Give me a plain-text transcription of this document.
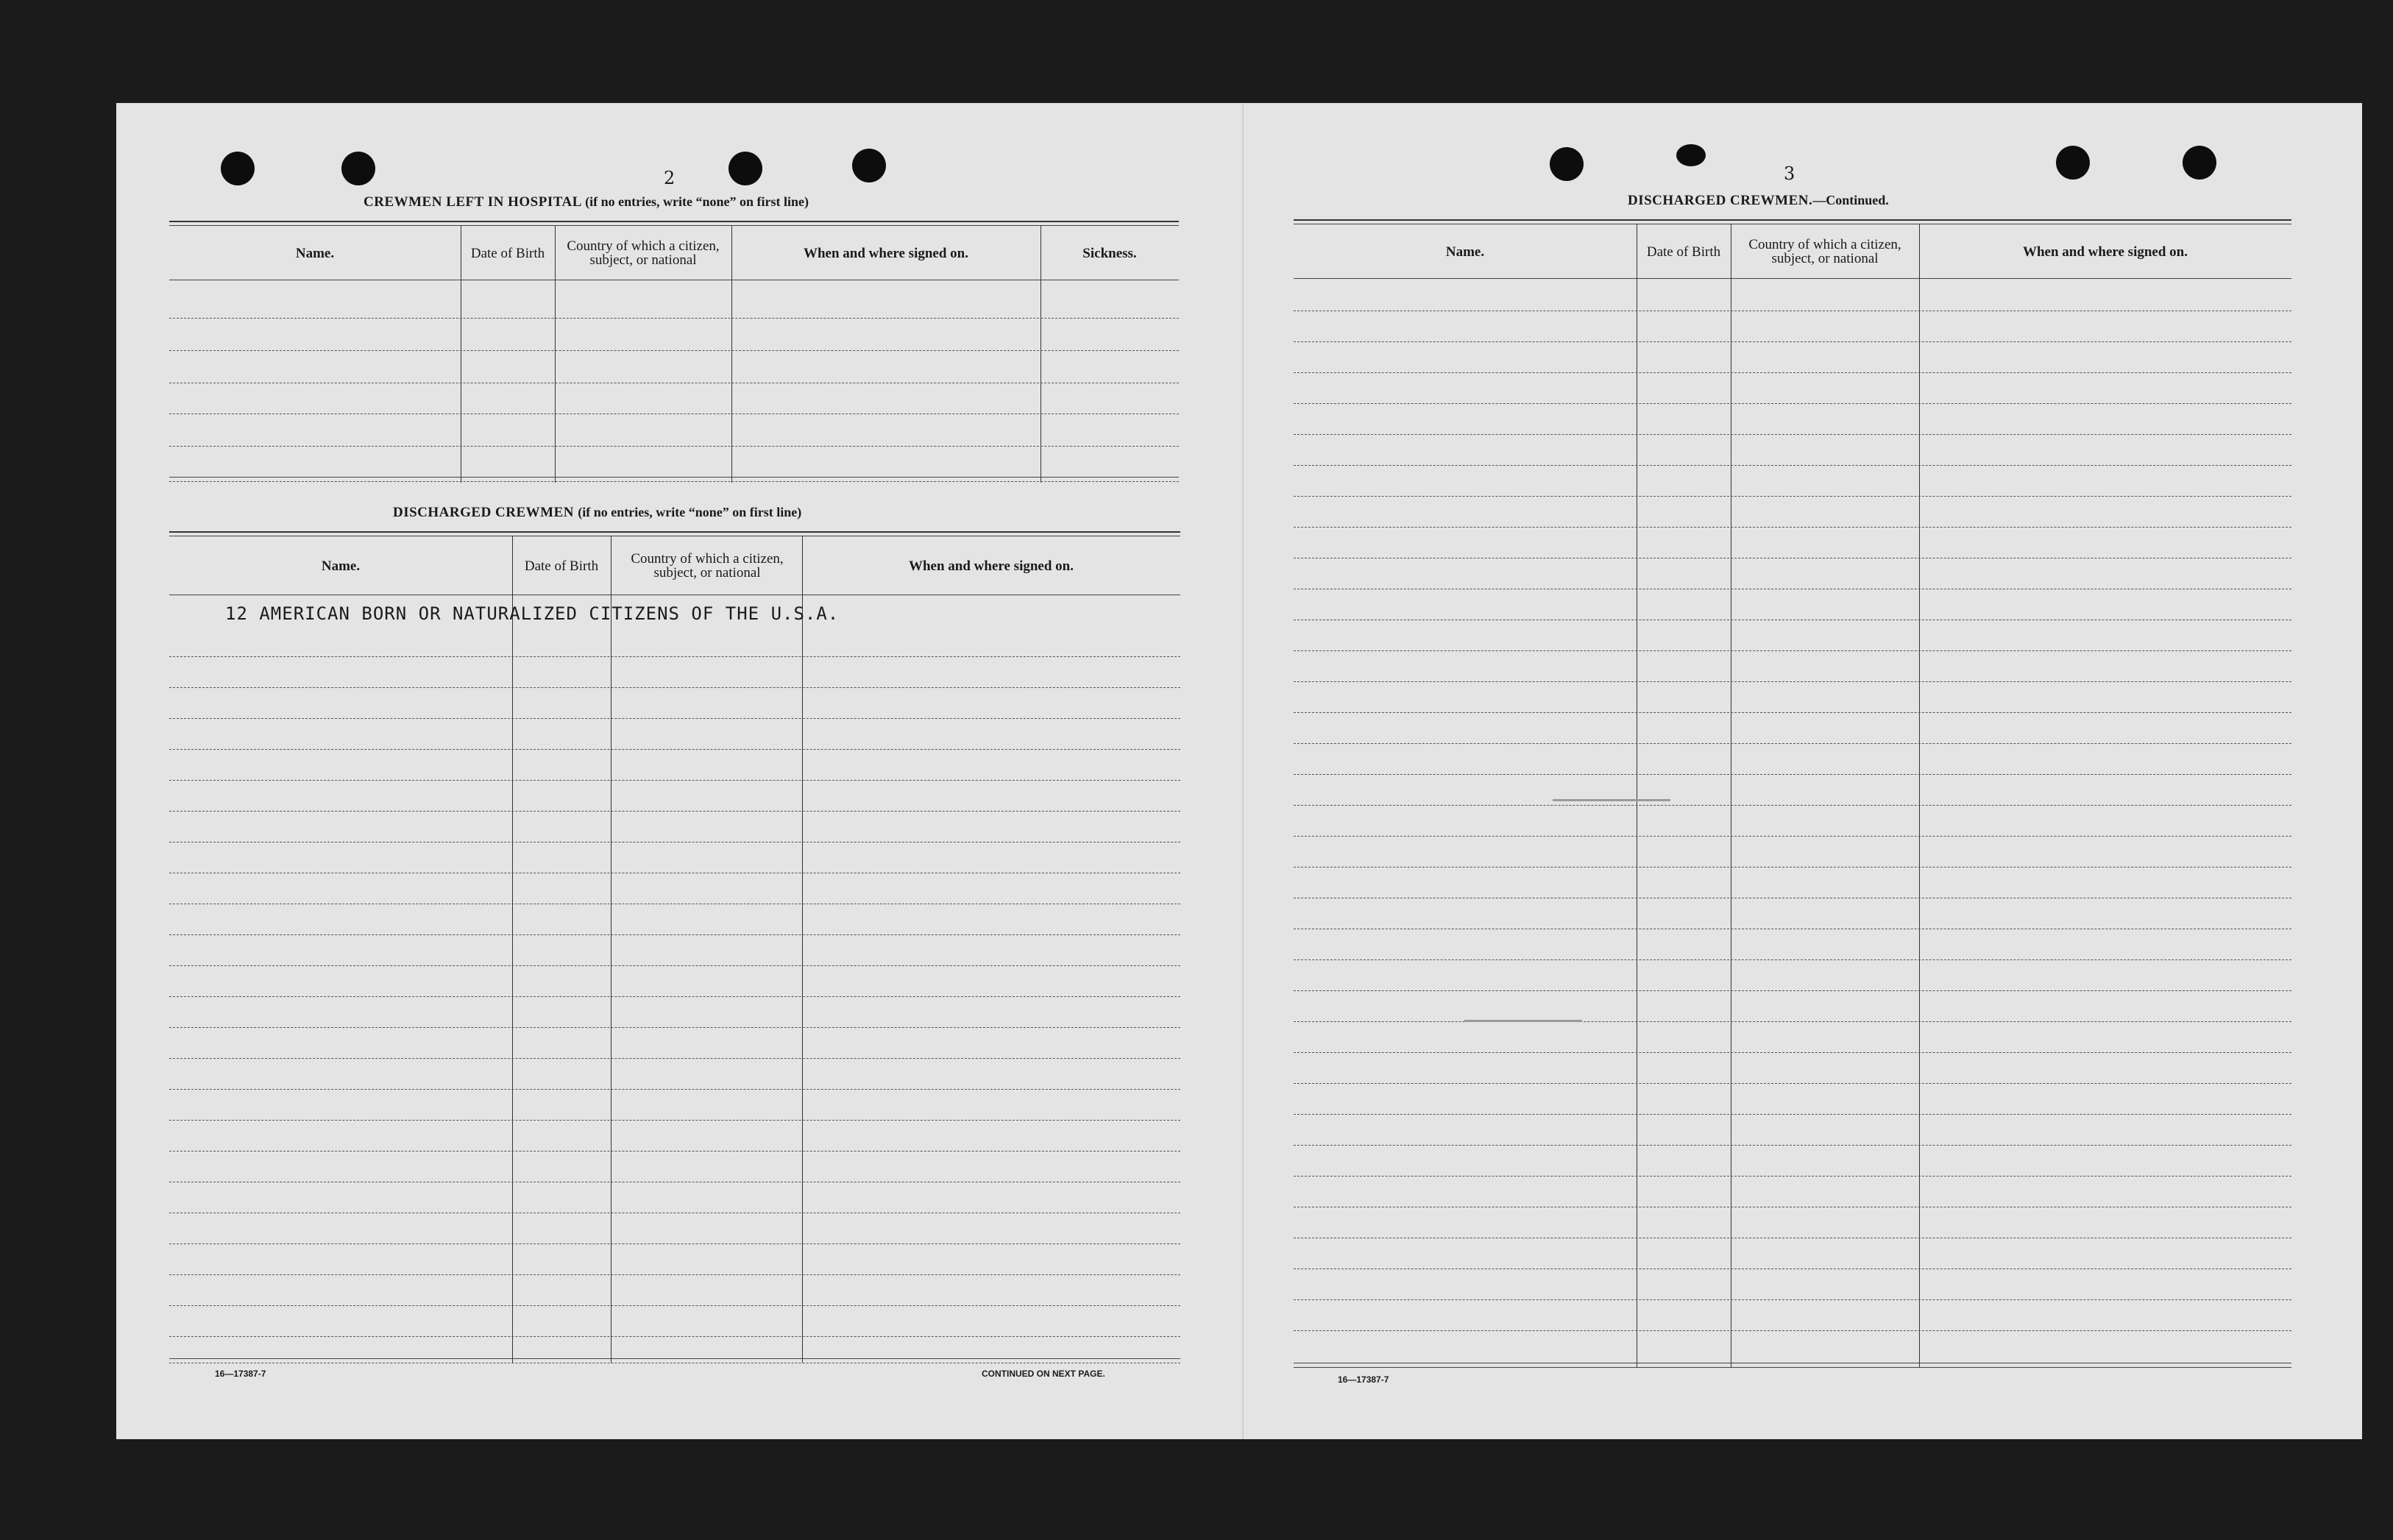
2
CREWMEN LEFT IN HOSPITAL (if no entries, write “none” on first line)
Name.	Date of Birth	Country of which a citizen, subject, or national	When and where signed on.	Sickness.
DISCHARGED CREWMEN (if no entries, write “none” on first line)
Name.	Date of Birth	Country of which a citizen, subject, or national	When and where signed on.
12 AMERICAN BORN OR NATURALIZED CITIZENS OF THE U.S.A.
16—17387-7	CONTINUED ON NEXT PAGE.
3
DISCHARGED CREWMEN.—Continued.
Name.	Date of Birth	Country of which a citizen, subject, or national	When and where signed on.
16—17387-7
